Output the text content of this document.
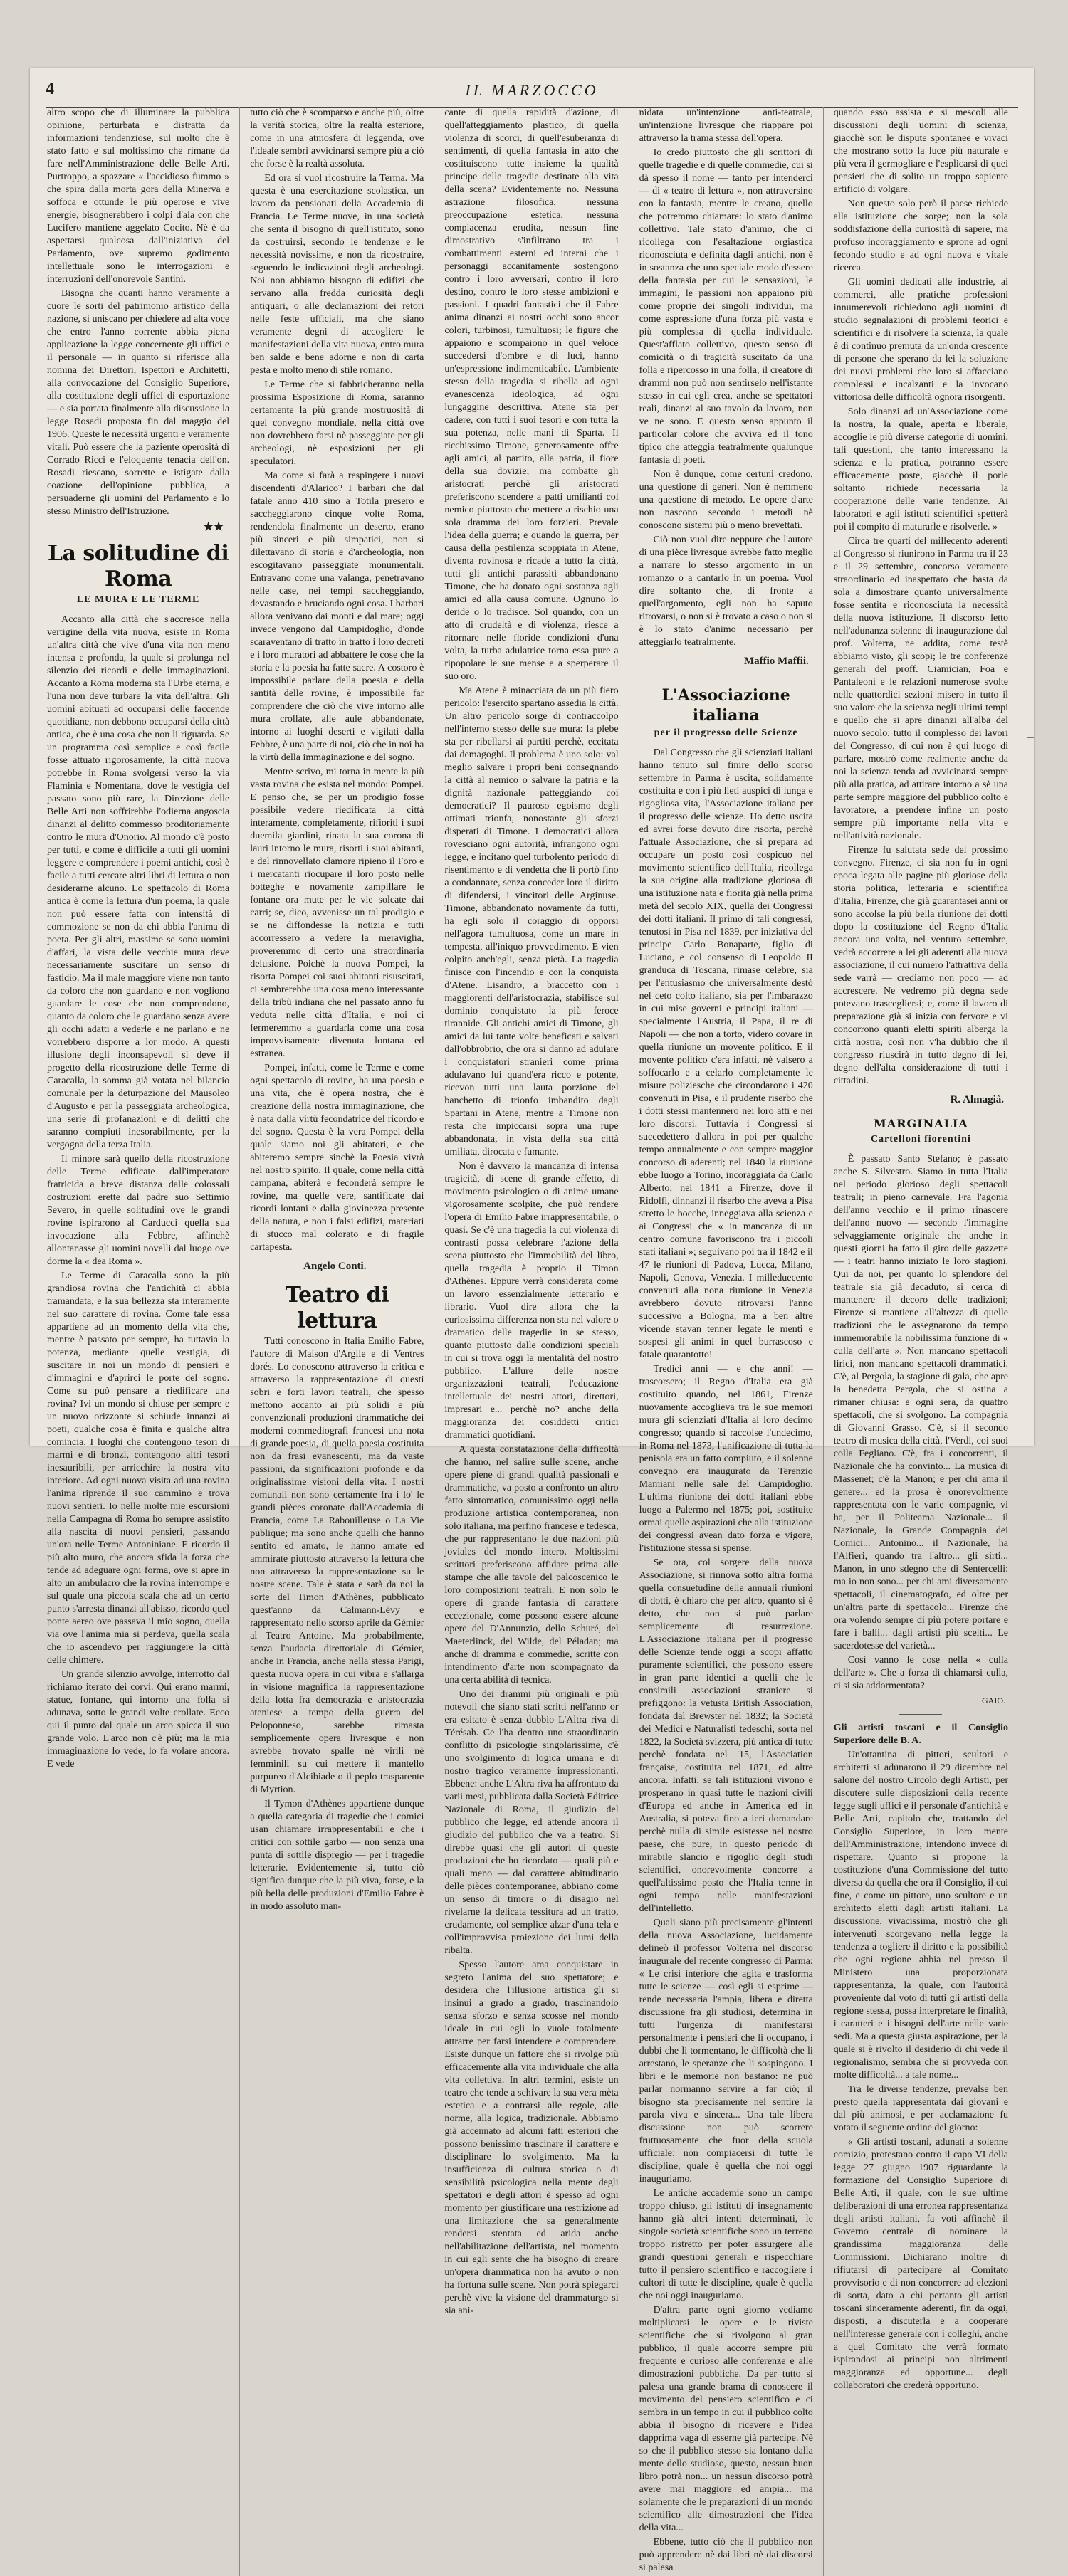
4	IL MARZOCCO

altro scopo che di illuminare la pubblica opinione, perturbata e distratta da informazioni tendenziose, sul molto che è stato fatto e sul moltissimo che rimane da fare nell'Amministrazione delle Belle Arti. Purtroppo, a spazzare « l'accidioso fummo » che spira dalla morta gora della Minerva e soffoca e ottunde le più operose e vive energie, bisognerebbero i colpi d'ala con che Lucifero mantiene aggelato Cocito. Nè è da aspettarsi qualcosa dall'iniziativa del Parlamento, ove supremo godimento intellettuale sono le interrogazioni e interruzioni dell'onorevole Santini.

Bisogna che quanti hanno veramente a cuore le sorti del patrimonio artistico della nazione, si uniscano per chiedere ad alta voce che entro l'anno corrente abbia piena applicazione la legge concernente gli uffici e il personale — in quanto si riferisce alla nomina dei Direttori, Ispettori e Architetti, alla convocazione del Consiglio Superiore, alla costituzione degli uffici di esportazione — e sia portata finalmente alla discussione la legge Rosadi proposta fin dal maggio del 1906. Queste le necessità urgenti e veramente vitali. Può essere che la paziente operosità di Corrado Ricci e l'eloquente tenacia dell'on. Rosadi riescano, sorrette e istigate dalla coazione dell'opinione pubblica, a persuaderne gli uomini del Parlamento e lo stesso Ministro dell'Istruzione.

★★
La solitudine di Roma
LE MURA E LE TERME

Accanto alla città che s'accresce nella vertigine della vita nuova, esiste in Roma un'altra città che vive d'una vita non meno intensa e profonda, la quale si prolunga nel silenzio dei ricordi e delle immaginazioni. Accanto a Roma moderna sta l'Urbe eterna, e l'una non deve turbare la vita dell'altra. Gli uomini abituati ad occuparsi delle faccende quotidiane, non debbono occuparsi della città antica, che è una cosa che non li riguarda. Se un programma così semplice e così facile fosse attuato rigorosamente, la città nuova potrebbe in Roma svolgersi verso la via Flaminia e Nomentana, dove le vestigia del passato sono più rare, la Direzione delle Belle Arti non soffrirebbe l'odierna angoscia dinanzi al delitto commesso proditoriamente contro le mura d'Onorio. Al mondo c'è posto per tutti, e come è difficile a tutti gli uomini leggere e comprendere i poemi antichi, così è facile a tutti cercare altri libri di lettura o non desiderarne alcuno. Lo spettacolo di Roma antica è come la lettura d'un poema, la quale non può essere fatta con intensità di commozione se non da chi abbia l'anima di poeta. Per gli altri, massime se sono uomini d'affari, la vista delle vecchie mura deve necessariamente suscitare un senso di fastidio. Ma il male maggiore viene non tanto da coloro che non guardano e non vogliono guardare le cose che non comprendono, quanto da coloro che le guardano senza avere gli occhi adatti a vederle e ne parlano e ne vorrebbero disporre a lor modo. A questi illusione degli inconsapevoli si deve il progetto della ricostruzione delle Terme di Caracalla, la somma già votata nel bilancio comunale per la deturpazione del Mausoleo d'Augusto e per la passeggiata archeologica, una serie di profanazioni e di delitti che saranno compiuti inesorabilmente, per la vergogna della terza Italia.

Il minore sarà quello della ricostruzione delle Terme edificate dall'imperatore fratricida a breve distanza dalle colossali costruzioni erette dal padre suo Settimio Severo, in quelle solitudini ove le grandi rovine ispirarono al Carducci quella sua invocazione alla Febbre, affinchè allontanasse gli uomini novelli dal luogo ove dorme la « dea Roma ».

Le Terme di Caracalla sono la più grandiosa rovina che l'antichità ci abbia tramandata, e la sua bellezza sta interamente nel suo carattere di rovina. Come tale essa appartiene ad un momento della vita che, mentre è passato per sempre, ha tuttavia la potenza, mediante quelle vestigia, di suscitare in noi un mondo di pensieri e d'immagini e d'aprirci le porte del sogno. Come su può pensare a riedificare una rovina? Ivi un mondo si chiuse per sempre e un nuovo orizzonte si schiude innanzi ai poeti, qualche cosa è finita e qualche altra comincia. I luoghi che contengono tesori di marmi e di bronzi, contengono altri tesori inesauribili, per arricchire la nostra vita interiore. Ad ogni nuova visita ad una rovina l'anima riprende il suo cammino e trova nuovi sentieri. Io nelle molte mie escursioni nella Campagna di Roma ho sempre assistito alla nascita di nuovi pensieri, passando un'ora nelle Terme Antoniniane. E ricordo il più alto muro, che ancora sfida la forza che tende ad adeguare ogni forma, ove si apre in alto un ambulacro che la rovina interrompe e sul quale una piccola scala che ad un certo punto s'arresta dinanzi all'abisso, ricordo quel ponte aereo ove passava il mio sogno, quella via ove l'anima mia si perdeva, quella scala che io ascendevo per raggiungere la città delle chimere.

Un grande silenzio avvolge, interrotto dal richiamo iterato dei corvi. Qui erano marmi, statue, fontane, qui intorno una folla si adunava, sotto le grandi volte crollate. Ecco qui il punto dal quale un arco spicca il suo grande volo. L'arco non c'è più; ma la mia immaginazione lo vede, lo fa volare ancora. E vede

tutto ciò che è scomparso e anche più, oltre la verità storica, oltre la realtà esteriore, come in una atmosfera di leggenda, ove l'ideale sembri avvicinarsi sempre più a ciò che forse è la realtà assoluta.

Ed ora si vuol ricostruire la Terma. Ma questa è una esercitazione scolastica, un lavoro da pensionati della Accademia di Francia. Le Terme nuove, in una società che senta il bisogno di quell'istituto, sono da costruirsi, secondo le tendenze e le necessità novissime, e non da ricostruire, seguendo le indicazioni degli archeologi. Noi non abbiamo bisogno di edifizi che servano alla fredda curiosità degli antiquari, o alle declamazioni dei retori nelle feste ufficiali, ma che siano veramente degni di accogliere le manifestazioni della vita nuova, entro mura ben salde e bene adorne e non di carta pesta e molto meno di stile romano.

Le Terme che si fabbricheranno nella prossima Esposizione di Roma, saranno certamente la più grande mostruosità di quel convegno mondiale, nella città ove non dovrebbero farsi nè passeggiate per gli archeologi, nè esposizioni per gli speculatori.

Ma come si farà a respingere i nuovi discendenti d'Alarico? I barbari che dal fatale anno 410 sino a Totila presero e saccheggiarono cinque volte Roma, rendendola finalmente un deserto, erano più sinceri e più simpatici, non si dilettavano di storia e d'archeologia, non escogitavano passeggiate monumentali. Entravano come una valanga, penetravano nelle case, nei tempi saccheggiando, devastando e bruciando ogni cosa. I barbari allora venivano dai monti e dal mare; oggi invece vengono dal Campidoglio, d'onde scaraventano di tratto in tratto i loro decreti e i loro muratori ad abbattere le cose che la storia e la poesia ha fatte sacre. A costoro è impossibile parlare della poesia e della santità delle rovine, è impossibile far comprendere che ciò che vive intorno alle mura crollate, alle aule abbandonate, intorno ai luoghi deserti e vigilati dalla Febbre, è una parte di noi, ciò che in noi ha la virtù della immaginazione e del sogno.

Mentre scrivo, mi torna in mente la più vasta rovina che esista nel mondo: Pompei. E penso che, se per un prodigio fosse possibile vedere riedificata la città interamente, completamente, rifioriti i suoi duemila giardini, rinata la sua corona di lauri intorno le mura, risorti i suoi abitanti, e del rinnovellato clamore ripieno il Foro e i mercatanti riocupare il loro posto nelle botteghe e novamente zampillare le fontane ora mute per le vie solcate dai carri; se, dico, avvenisse un tal prodigio e se ne diffondesse la notizia e tutti accorressero a vedere la meraviglia, proveremmo di certo una straordinaria delusione. Poichè la nuova Pompei, la risorta Pompei coi suoi abitanti risuscitati, ci sembrerebbe una cosa meno interessante della tribù indiana che nel passato anno fu veduta nelle città d'Italia, e noi ci fermeremmo a guardarla come una cosa improvvisamente divenuta lontana ed estranea.

Pompei, infatti, come le Terme e come ogni spettacolo di rovine, ha una poesia e una vita, che è opera nostra, che è creazione della nostra immaginazione, che è nata dalla virtù fecondatrice del ricordo e del sogno. Questa è la vera Pompei della quale siamo noi gli abitatori, e che abiteremo sempre sinchè la Poesia vivrà nel nostro spirito. Il quale, come nella città campana, abiterà e feconderà sempre le rovine, ma quelle vere, santificate dai ricordi lontani e dalla giovinezza presente della natura, e non i falsi edifizi, materiati di stucco mal colorato e di fragile cartapesta.

Angelo Conti.
Teatro di lettura

Tutti conoscono in Italia Emilio Fabre, l'autore di Maison d'Argile e di Ventres dorés. Lo conoscono attraverso la critica e attraverso la rappresentazione di questi sobri e forti lavori teatrali, che spesso mettono accanto ai più solidi e più convenzionali produzioni drammatiche dei moderni commediografi francesi una nota di grande poesia, di quella poesia costituita non da frasi evanescenti, ma da vaste passioni, da significazioni profonde e da originalissime visioni della vita. I nostri comunali non sono certamente fra i lo' le grandi pièces coronate dall'Accademia di Francia, come La Rabouilleuse o La Vie publique; ma sono anche quelli che hanno sentito ed amato, le hanno amate ed ammirate piuttosto attraverso la lettura che non attraverso la rappresentazione su le nostre scene. Tale è stata e sarà da noi la sorte del Timon d'Athènes, pubblicato quest'anno da Calmann-Lévy e rappresentato nello scorso aprile da Gémier al Teatro Antoine. Ma probabilmente, senza l'audacia direttoriale di Gémier, anche in Francia, anche nella stessa Parigi, questa nuova opera in cui vibra e s'allarga in visione magnifica la rappresentazione della lotta fra democrazia e aristocrazia ateniese a tempo della guerra del Peloponneso, sarebbe rimasta semplicemente opera livresque e non avrebbe trovato spalle nè virili nè femminili su cui mettere il mantello purpureo d'Alcibiade o il peplo trasparente di Myrtion.

Il Tymon d'Athènes appartiene dunque a quella categoria di tragedie che i comici usan chiamare irrappresentabili e che i critici con sottile garbo — non senza una punta di sottile dispregio — per i tragedie letterarie. Evidentemente si, tutto ciò significa dunque che la più viva, forse, e la più bella delle produzioni d'Emilio Fabre è in modo assoluto man-

cante di quella rapidità d'azione, di quell'atteggiamento plastico, di quella violenza di scorci, di quell'esuberanza di sentimenti, di quella fantasia in atto che costituiscono tutte insieme la qualità principe delle tragedie destinate alla vita della scena? Evidentemente no. Nessuna astrazione filosofica, nessuna preoccupazione estetica, nessuna compiacenza erudita, nessun fine dimostrativo s'infiltrano tra i combattimenti esterni ed interni che i personaggi accanitamente sostengono contro i loro avversari, contro il loro destino, contro le loro stesse ambizioni e passioni. I quadri fantastici che il Fabre anima dinanzi ai nostri occhi sono ancor colori, turbinosi, tumultuosi; le figure che appaiono e scompaiono in quel veloce succedersi d'ombre e di luci, hanno un'espressione indimenticabile. L'ambiente stesso della tragedia si ribella ad ogni evanescenza ideologica, ad ogni lungaggine descrittiva. Atene sta per cadere, con tutti i suoi tesori e con tutta la sua potenza, nelle mani di Sparta. Il ricchissimo Timone, generosamente offre agli amici, al partito, alla patria, il fiore della sua dovizie; ma combatte gli aristocrati perchè gli aristocrati preferiscono scendere a patti umilianti col nemico piuttosto che mettere a rischio una sola dramma dei loro forzieri. Prevale l'idea della guerra; e quando la guerra, per causa della pestilenza scoppiata in Atene, diventa rovinosa e ricade a tutto la città, tutti gli antichi parassiti abbandonano Timone, che ha donato ogni sostanza agli amici ed alla causa comune. Ognuno lo deride o lo tradisce. Sol quando, con un atto di crudeltà e di violenza, riesce a ritornare nelle floride condizioni d'una volta, la turba adulatrice torna essa pure a ripopolare le sue mense e a sperperare il suo oro.

Ma Atene è minacciata da un più fiero pericolo: l'esercito spartano assedia la città. Un altro pericolo sorge di contraccolpo nell'interno stesso delle sue mura: la plebe sta per ribellarsi ai partiti perchè, eccitata dai demagoghi. Il problema è uno solo: val meglio salvare i propri beni consegnando la città al nemico o salvare la patria e la dignità nazionale patteggiando coi democratici? Il pauroso egoismo degli ottimati trionfa, nonostante gli sforzi disperati di Timone. I democratici allora rovesciano ogni autorità, infrangono ogni legge, e incitano quel turbolento periodo di risentimento e di vendetta che li portò fino a condannare, senza conceder loro il diritto di difendersi, i vincitori delle Arginuse. Timone, abbandonato novamente da tutti, ha egli solo il coraggio di opporsi nell'agora tumultuosa, come un mare in tempesta, all'iniquo provvedimento. E vien colpito anch'egli, senza pietà. La tragedia finisce con l'incendio e con la conquista d'Atene. Lisandro, a braccetto con i maggiorenti dell'aristocrazia, stabilisce sul dominio conquistato la più feroce tirannide. Gli antichi amici di Timone, gli amici da lui tante volte beneficati e salvati dall'obbrobrio, che ora si danno ad adulare i conquistatori stranieri come prima adulavano lui quand'era ricco e potente, ricevon tutti una lauta porzione del banchetto di trionfo imbandito dagli Spartani in Atene, mentre a Timone non resta che impiccarsi sopra una rupe abbandonata, in vista della sua città umiliata, dirocata e fumante.

Non è davvero la mancanza di intensa tragicità, di scene di grande effetto, di movimento psicologico o di anime umane vigorosamente scolpite, che può rendere l'opera di Emilio Fabre irrappresentabile, o quasi. Se c'è una tragedia la cui violenza di contrasti possa celebrare l'azione della scena piuttosto che l'immobilità del libro, quella tragedia è proprio il Timon d'Athènes. Eppure verrà considerata come un lavoro essenzialmente letterario e librario. Vuol dire allora che la curiosissima differenza non sta nel valore o dramatico delle tragedie in se stesso, quanto piuttosto dalle condizioni speciali in cui si trova oggi la mentalità del nostro pubblico. L'allure delle nostre organizzazioni teatrali, l'educazione intellettuale dei nostri attori, direttori, impresari e... perchè no? anche della maggioranza dei cosiddetti critici drammatici quotidiani.

A questa constatazione della difficoltà che hanno, nel salire sulle scene, anche opere piene di grandi qualità passionali e drammatiche, va posto a confronto un altro fatto sintomatico, comunissimo oggi nella produzione artistica contemporanea, non solo italiana, ma perfino francese e tedesca, che pur rappresentano le due nazioni più joviales del mondo intero. Moltissimi scrittori preferiscono affidare prima alle stampe che alle tavole del palcoscenico le loro composizioni teatrali. E non solo le opere di grande fantasia di carattere eccezionale, come possono essere alcune opere del D'Annunzio, dello Schuré, del Maeterlinck, del Wilde, del Péladan; ma anche di dramma e commedie, scritte con intendimento d'arte non scompagnato da una certa abilità di tecnica.

Uno dei drammi più originali e più notevoli che siano stati scritti nell'anno or era esitato è senza dubbio L'Altra riva di Térésah. Ce l'ha dentro uno straordinario conflitto di psicologie singolarissime, c'è uno svolgimento di logica umana e di nostro tragico veramente impressionanti. Ebbene: anche L'Altra riva ha affrontato da varii mesi, pubblicata dalla Società Editrice Nazionale di Roma, il giudizio del pubblico che legge, ed attende ancora il giudizio del pubblico che va a teatro. Si direbbe quasi che gli autori di queste produzioni che ho ricordato — quali più e quali meno — dal carattere abitudinario delle pièces contemporanee, abbiano come un senso di timore o di disagio nel rivelarne la delicata tessitura ad un tratto, crudamente, col semplice alzar d'una tela e coll'improvvisa proiezione dei lumi della ribalta.

Spesso l'autore ama conquistare in segreto l'anima del suo spettatore; e desidera che l'illusione artistica gli si insinui a grado a grado, trascinandolo senza sforzo e senza scosse nel mondo ideale in cui egli lo vuole totalmente attrarre per farsi intendere e comprendere. Esiste dunque un fattore che si rivolge più efficacemente alla vita individuale che alla vita collettiva. In altri termini, esiste un teatro che tende a schivare la sua vera mèta estetica e a contrarsi alle regole, alle norme, alla logica, tradizionale. Abbiamo già accennato ad alcuni fatti esteriori che possono benissimo trascinare il carattere e disciplinare lo svolgimento. Ma la insufficienza di cultura storica o di sensibilità psicologica nella mente degli spettatori e degli attori è spesso ad ogni momento per giustificare una restrizione ad una limitazione che sa generalmente rendersi stentata ed arida anche nell'abilitazione dell'artista, nel momento in cui egli sente che ha bisogno di creare un'opera drammatica non ha avuto o non ha fortuna sulle scene. Non potrà spiegarci perchè vive la visione del drammaturgo si sia ani-

nidata un'intenzione anti-teatrale, un'intenzione livresque che riappare poi attraverso la trama stessa dell'opera.

Io credo piuttosto che gli scrittori di quelle tragedie e di quelle commedie, cui si dà spesso il nome — tanto per intenderci — di « teatro di lettura », non attraversino con la fantasia, mentre le creano, quello che potremmo chiamare: lo stato d'animo collettivo. Tale stato d'animo, che ci ricollega con l'esaltazione orgiastica riconosciuta e definita dagli antichi, non è in sostanza che uno speciale modo d'essere della fantasia per cui le sensazioni, le immagini, le passioni non appaiono più come proprie dei singoli individui, ma come espressione d'una forza più vasta e più complessa di quella individuale. Quest'afflato collettivo, questo senso di comicità o di tragicità suscitato da una folla e ripercosso in una folla, il creatore di drammi non può non sentirselo nell'istante stesso in cui egli crea, anche se spettatori reali, dinanzi al suo tavolo da lavoro, non ve ne sono. E questo senso appunto il particolar colore che avviva ed il tono tipico che atteggia teatralmente qualunque fantasia di poeti.

Non è dunque, come certuni credono, una questione di generi. Non è nemmeno una questione di metodo. Le opere d'arte non nascono secondo i metodi nè conoscono sistemi più o meno brevettati.

Ciò non vuol dire neppure che l'autore di una pièce livresque avrebbe fatto meglio a narrare lo stesso argomento in un romanzo o a cantarlo in un poema. Vuol dire soltanto che, di fronte a quell'argomento, egli non ha saputo ritrovarsi, o non si è trovato a caso o non si è lo stato d'animo necessario per atteggiarlo teatralmente.

Maffio Maffii.
L'Associazione italiana
per il progresso delle Scienze

Dal Congresso che gli scienziati italiani hanno tenuto sul finire dello scorso settembre in Parma è uscita, solidamente costituita e con i più lieti auspici di lunga e rigogliosa vita, l'Associazione italiana per il progresso delle scienze. Ho detto uscita ed avrei forse dovuto dire risorta, perchè l'attuale Associazione, che si prepara ad occupare un posto così cospicuo nel movimento scientifico dell'Italia, ricollega la sua origine alla tradizione gloriosa di una istituzione nata e fiorita già nella prima metà del secolo XIX, quella dei Congressi dei dotti italiani. Il primo di tali congressi, tenutosi in Pisa nel 1839, per iniziativa del principe Carlo Bonaparte, figlio di Luciano, e col consenso di Leopoldo II granduca di Toscana, rimase celebre, sia per l'entusiasmo che universalmente destò nel ceto colto italiano, sia per l'imbarazzo in cui mise governi e principi italiani — specialmente l'Austria, il Papa, il re di Napoli — che non a torto, videro covare in quella riunione un movente politico. E il movente politico c'era infatti, nè valsero a soffocarlo e a celarlo completamente le misure poliziesche che circondarono i 420 convenuti in Pisa, e il prudente riserbo che i dotti stessi mantennero nei loro atti e nei loro discorsi. Tuttavia i Congressi si succedettero d'allora in poi per qualche tempo annualmente e con sempre maggior concorso di aderenti; nel 1840 la riunione ebbe luogo a Torino, incoraggiata da Carlo Alberto; nel 1841 a Firenze, dove il Ridolfi, dinnanzi il riserbo che aveva a Pisa stretto le bocche, inneggiava alla scienza e ai Congressi che « in mancanza di un centro comune favoriscono tra i piccoli stati italiani »; seguivano poi tra il 1842 e il 47 le riunioni di Padova, Lucca, Milano, Napoli, Genova, Venezia. I milleduecento convenuti alla nona riunione in Venezia avrebbero dovuto ritrovarsi l'anno successivo a Bologna, ma a ben altre vicende stavan tenner legate le menti e sospesi gli animi in quel burrascoso e fatale quarantotto!

Tredici anni — e che anni! — trascorsero; il Regno d'Italia era già costituito quando, nel 1861, Firenze nuovamente accoglieva tra le sue memori mura gli scienziati d'Italia al loro decimo congresso; quando si raccolse l'undecimo, in Roma nel 1873, l'unificazione di tutta la penisola era un fatto compiuto, e il solenne convegno era inaugurato da Terenzio Mamiani nelle sale del Campidoglio. L'ultima riunione dei dotti italiani ebbe luogo a Palermo nel 1875; poi, sostituite ormai quelle aspirazioni che alla istituzione dei congressi avean dato forza e vigore, l'istituzione stessa si spense.

Se ora, col sorgere della nuova Associazione, si rinnova sotto altra forma quella consuetudine delle annuali riunioni di dotti, è chiaro che per altro, quanto si è detto, che non si può parlare semplicemente di resurrezione. L'Associazione italiana per il progresso delle Scienze tende oggi a scopi affatto puramente scientifici, che possono essere in gran parte identici a quelli che le consimili associazioni straniere si prefiggono: la vetusta British Association, fondata dal Brewster nel 1832; la Società dei Medici e Naturalisti tedeschi, sorta nel 1822, la Società svizzera, più antica di tutte perchè fondata nel '15, l'Association française, costituita nel 1871, ed altre ancora. Infatti, se tali istituzioni vivono e prosperano in quasi tutte le nazioni civili d'Europa ed anche in America ed in Australia, si poteva fino a ieri domandare perchè nulla di simile esistesse nel nostro paese, che pure, in questo periodo di mirabile slancio e rigoglio degli studi scientifici, onorevolmente concorre a quell'altissimo posto che l'Italia tenne in ogni tempo nelle manifestazioni dell'intelletto.

Quali siano più precisamente gl'intenti della nuova Associazione, lucidamente delineò il professor Volterra nel discorso inaugurale del recente congresso di Parma: « Le crisi interiore che agita e trasforma tutte le scienze — così egli si esprime — rende necessaria l'ampia, libera e diretta discussione fra gli studiosi, determina in tutti l'urgenza di manifestarsi personalmente i pensieri che li occupano, i dubbi che li tormentano, le difficoltà che li arrestano, le speranze che li sospingono. I libri e le memorie non bastano: ne può parlar normanno servire a far ciò; il bisogno sta precisamente nel sentire la parola viva e sincera... Una tale libera discussione non può scorrere fruttuosamente che fuor della scuola ufficiale: non compiacersi di tutte le discipline, quale è quella che noi oggi inauguriamo.

Le antiche accademie sono un campo troppo chiuso, gli istituti di insegnamento hanno già altri intenti determinati, le singole società scientifiche sono un terreno troppo ristretto per poter assurgere alle grandi questioni generali e rispecchiare tutto il pensiero scientifico e raccogliere i cultori di tutte le discipline, quale è quella che noi oggi inauguriamo.

D'altra parte ogni giorno vediamo moltiplicarsi le opere e le riviste scientifiche che si rivolgono al gran pubblico, il quale accorre sempre più frequente e curioso alle conferenze e alle dimostrazioni pubbliche. Da per tutto si palesa una grande brama di conoscere il movimento del pensiero scientifico e ci sembra in un tempo in cui il pubblico colto abbia il bisogno di ricevere e l'idea dapprima vaga di esserne già partecipe. Nè so che il pubblico stesso sia lontano dalla mente dello studioso, questo, nessun buon libro potrà non... un nessun discorso potrà avere mai maggiore ed ampia... ma solamente che le preparazioni di un mondo scientifico alle dimostrazioni che l'idea della vita...

Ebbene, tutto ciò che il pubblico non può apprendere nè dai libri nè dai discorsi si palesa

quando esso assista e si mescoli alle discussioni degli uomini di scienza, giacchè son le dispute spontanee e vivaci che mostrano sotto la luce più naturale e più vera il germogliare e l'esplicarsi di quei pensieri che di solito un troppo sapiente artificio di volgare.

Non questo solo però il paese richiede alla istituzione che sorge; non la sola soddisfazione della curiosità di sapere, ma profuso incoraggiamento e sprone ad ogni fecondo studio e ad ogni nuova e vitale ricerca.

Gli uomini dedicati alle industrie, ai commerci, alle pratiche professioni innumerevoli richiedono agli uomini di studio segnalazioni di problemi teorici e scientifici e di risolvere la scienza, la quale è di continuo premuta da un'onda crescente di persone che sperano da lei la soluzione dei nuovi problemi che loro si affacciano complessi e incalzanti e la invocano vittoriosa delle difficoltà ognora risorgenti.

Solo dinanzi ad un'Associazione come la nostra, la quale, aperta e liberale, accoglie le più diverse categorie di uomini, tali questioni, che tanto interessano la scienza e la pratica, potranno essere efficacemente poste, giacchè il porle soltanto richiede necessaria la cooperazione delle varie tendenze. Ai laboratori e agli istituti scientifici spetterà poi il compito di maturarle e risolverle. »

Circa tre quarti del millecento aderenti al Congresso si riunirono in Parma tra il 23 e il 29 settembre, concorso veramente straordinario ed inaspettato che basta da sola a dimostrare quanto universalmente fosse sentita e riconosciuta la necessità della nuova istituzione. Il discorso letto nell'adunanza solenne di inaugurazione dal prof. Volterra, ne addita, come testè abbiamo visto, gli scopi; le tre conferenze generali del proff. Ciamician, Foa e Pantaleoni e le relazioni numerose svolte nelle quattordici sezioni misero in tutto il suo valore che la scienza negli ultimi tempi e quello che si apre dinanzi all'alba del nuovo secolo; tutto il complesso dei lavori del Congresso, di cui non è qui luogo di parlare, mostrò come realmente anche da noi la scienza tenda ad avvicinarsi sempre più alla pratica, ad attirare intorno a sè una parte sempre maggiore del pubblico colto e lavoratore, a prendere infine un posto sempre più importante nella vita e nell'attività nazionale.

Firenze fu salutata sede del prossimo convegno. Firenze, ci sia non fu in ogni epoca legata alle pagine più gloriose della storia politica, letteraria e scientifica d'Italia, Firenze, che già guarantasei anni or sono accolse la più bella riunione dei dotti dopo la costituzione del Regno d'Italia ancora una volta, nel venturo settembre, vedrà accorrere a lei gli aderenti alla nuova associazione, il cui numero l'attrattiva della sede varrà — crediamo non poco — ad accrescere. Ne vedremo più degna sede potevano trascegliersi; e, come il lavoro di preparazione già si inizia con fervore e vi concorrono quanti eletti spiriti alberga la città nostra, così non v'ha dubbio che il congresso riuscirà in tutto degno di lei, degno dell'alta considerazione di tutti i cittadini.

R. Almagià.
MARGINALIA
Cartelloni fiorentini

È passato Santo Stefano; è passato anche S. Silvestro. Siamo in tutta l'Italia nel periodo glorioso degli spettacoli teatrali; in pieno carnevale. Fra l'agonia dell'anno vecchio e il primo rinascere dell'anno nuovo — secondo l'immagine selvaggiamente originale che anche in questi giorni ha fatto il giro delle gazzette — i teatri hanno iniziato le loro stagioni. Qui da noi, per quanto lo splendore del teatrale sia già decaduto, si cerca di mantenere il decoro delle tradizioni; Firenze si mantiene all'altezza di quelle tradizioni che le assegnarono da tempo immemorabile la nobilissima funzione di « culla dell'arte ». Non mancano spettacoli lirici, non mancano spettacoli drammatici. C'è, al Pergola, la stagione di gala, che apre la benedetta Pergola, che si ostina a rimaner chiusa: e ogni sera, da quattro spettacoli, che si svolgono. La compagnia di Giovanni Grasso. C'è, si il secondo teatro di musica della città, l'Verdi, coi suoi colla Fegliano. C'è, fra i concorrenti, il Nazionale che ha convinto... La musica di Massenet; c'è la Manon; e per chi ama il genere... ed la prosa è onorevolmente rappresentata con le varie compagnie, vi ha, per il Politeama Nazionale... il Nazionale, la Grande Compagnia dei Comici... Antonino... il Nazionale, ha l'Alfieri, quando tra l'altro... gli sirti... Manon, in uno sdegno che di Sentercelli: ma io non sono... per chi ami diversamente spettacoli, il cinematografo, ed oltre per un'altra parte di spettacolo... Firenze che ora volendo sempre di più potere portare e fare i balli... dagli artisti più scelti... Le sacerdotesse del varietà...

Così vanno le cose nella « culla dell'arte ». Che a forza di chiamarsi culla, ci si sia addormentata?

GAIO.

Gli artisti toscani e il Consiglio Superiore delle B. A.

Un'ottantina di pittori, scultori e architetti si adunarono il 29 dicembre nel salone del nostro Circolo degli Artisti, per discutere sulle disposizioni della recente legge sugli uffici e il personale d'antichità e Belle Arti, capitolo che, trattando del Consiglio Superiore, in loro mente dell'Amministrazione, intendono invece di rispettare. Quanto si propone la costituzione d'una Commissione del tutto diversa da quella che ora il Consiglio, il cui fine, e come un pittore, uno scultore e un architetto eletti dagli artisti italiani. La discussione, vivacissima, mostrò che gli intervenuti scorgevano nella legge la tendenza a togliere il diritto e la possibilità che ogni regione abbia nel presso il Ministero una proporzionata rappresentanza, la quale, con l'autorità proveniente dal voto di tutti gli artisti della regione stessa, possa interpretare le finalità, i caratteri e i bisogni dell'arte nelle varie sedi. Ma a questa giusta aspirazione, per la quale si è rivolto il desiderio di chi vede il regionalismo, sembra che si provveda con molte difficoltà... a tale nome...

Tra le diverse tendenze, prevalse ben presto quella rappresentata dai giovani e dal più animosi, e per acclamazione fu votato il seguente ordine del giorno:

« Gli artisti toscani, adunati a solenne comizio, protestano contro il capo VI della legge 27 giugno 1907 riguardante la formazione del Consiglio Superiore di Belle Arti, il quale, con le sue ultime deliberazioni di una erronea rappresentanza degli artisti italiani, fa voti affinchè il Governo centrale di nominare la grandissima maggioranza delle Commissioni. Dichiarano inoltre di rifiutarsi di partecipare al Comitato provvisorio e di non concorrere ad elezioni di sorta, dato a chi pertanto gli artisti toscani sinceramente aderenti, fin da oggi, disposti, a discuterla e a cooperare nell'interesse generale con i colleghi, anche a quel Comitato che verrà formato ispirandosi ai principi non altrimenti maggioranza ed opportune... degli collaboratori che crederà opportuno.
